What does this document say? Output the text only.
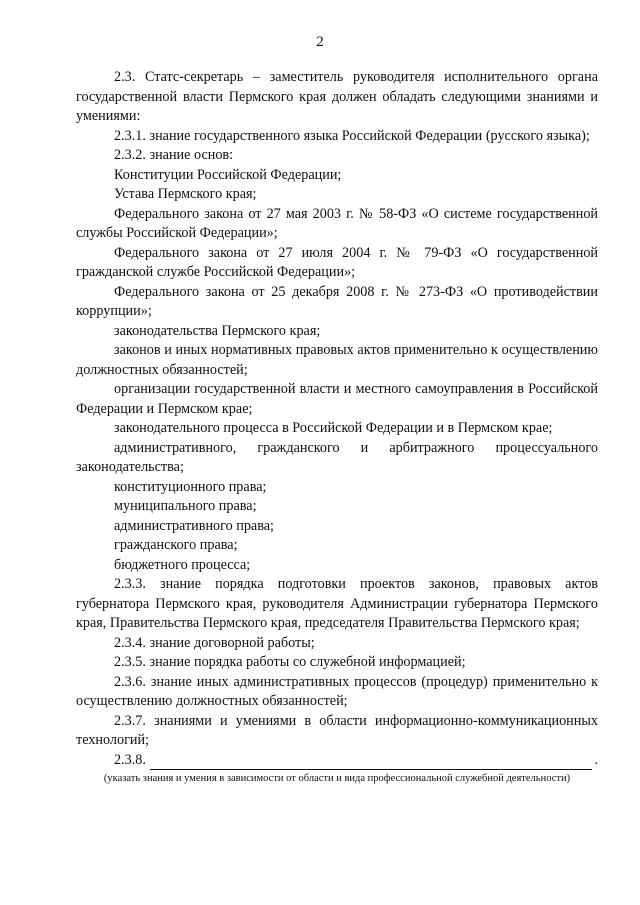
2

2.3. Статс-секретарь – заместитель руководителя исполнительного органа государственной власти Пермского края должен обладать следующими знаниями и умениями:

2.3.1. знание государственного языка Российской Федерации (русского языка);

2.3.2. знание основ:

Конституции Российской Федерации;

Устава Пермского края;

Федерального закона от 27 мая 2003 г. № 58-ФЗ «О системе государственной службы Российской Федерации»;

Федерального закона от 27 июля 2004 г. № 79-ФЗ «О государственной гражданской службе Российской Федерации»;

Федерального закона от 25 декабря 2008 г. № 273-ФЗ «О противодействии коррупции»;

законодательства Пермского края;

законов и иных нормативных правовых актов применительно к осуществлению должностных обязанностей;

организации государственной власти и местного самоуправления в Российской Федерации и Пермском крае;

законодательного процесса в Российской Федерации и в Пермском крае;

административного, гражданского и арбитражного процессуального законодательства;

конституционного права;

муниципального права;

административного права;

гражданского права;

бюджетного процесса;

2.3.3. знание порядка подготовки проектов законов, правовых актов губернатора Пермского края, руководителя Администрации губернатора Пермского края, Правительства Пермского края, председателя Правительства Пермского края;

2.3.4. знание договорной работы;

2.3.5. знание порядка работы со служебной информацией;

2.3.6. знание иных административных процессов (процедур) применительно к осуществлению должностных обязанностей;

2.3.7. знаниями и умениями в области информационно-коммуникационных технологий;

2.3.8.	.
(указать знания и умения в зависимости от области и вида профессиональной служебной деятельности)
